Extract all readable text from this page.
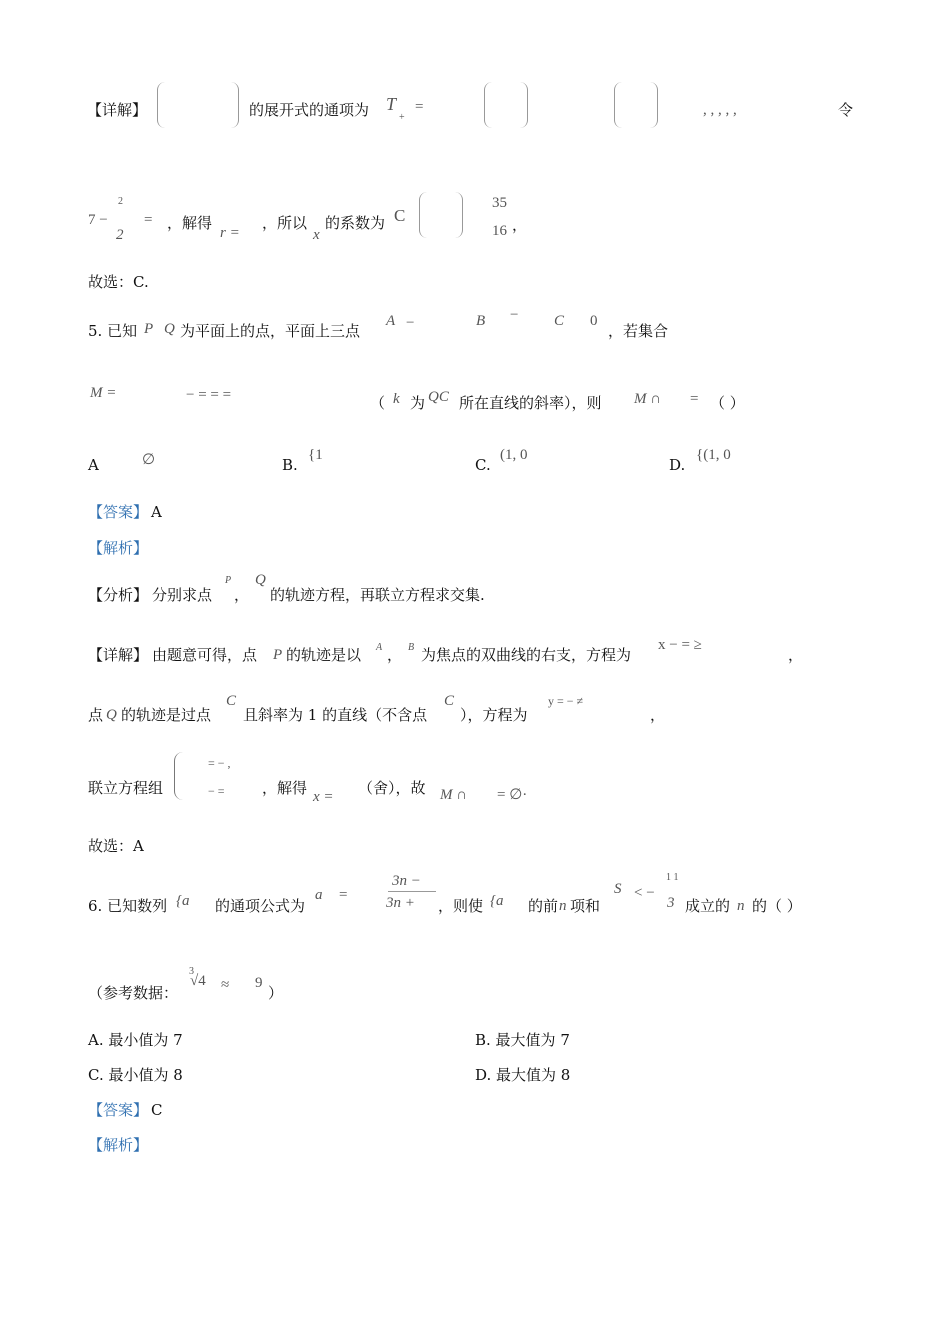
【详解】	的展开式的通项为 T
+
=	, , , , ,	令
7 −
2
2
= ，解得
r =
，所以
x
的系数为 C
35
16 ，
故选：C.
5. 已知 P Q 为平面上的点，平面上三点
A −	B − C 0
，若集合
M =	− = = =	（ k 为 QC 所在直线的斜率），则 M ∩ = （ ）
A	∅	B.
{1
C.
(1, 0
D.
{(1, 0
【答案】 A
【解析】
【分析】 分别求点
P
，
Q
的轨迹方程，再联立方程求交集.
【详解】 由题意可得，点 P 的轨迹是以 A ， B 为焦点的双曲线的右支，方程为
x − = ≥
，
点 Q 的轨迹是过点
C
且斜率为 1 的直线（不含点
C
），方程为
y = − ≠
，
联立方程组
= − ,
− = ，解得 x = （舍），故 M ∩ = ∅·
故选：A
6. 已知数列 {a 的通项公式为
a =
3n −
3n + ，则使 {a 的前 n 项和
S < −
1 1
3 成立的 n 的（ ）
（参考数据：
3
√4 ≈ 9
）
A. 最小值为 7	B. 最大值为 7
C. 最小值为 8	D. 最大值为 8
【答案】 C
【解析】
